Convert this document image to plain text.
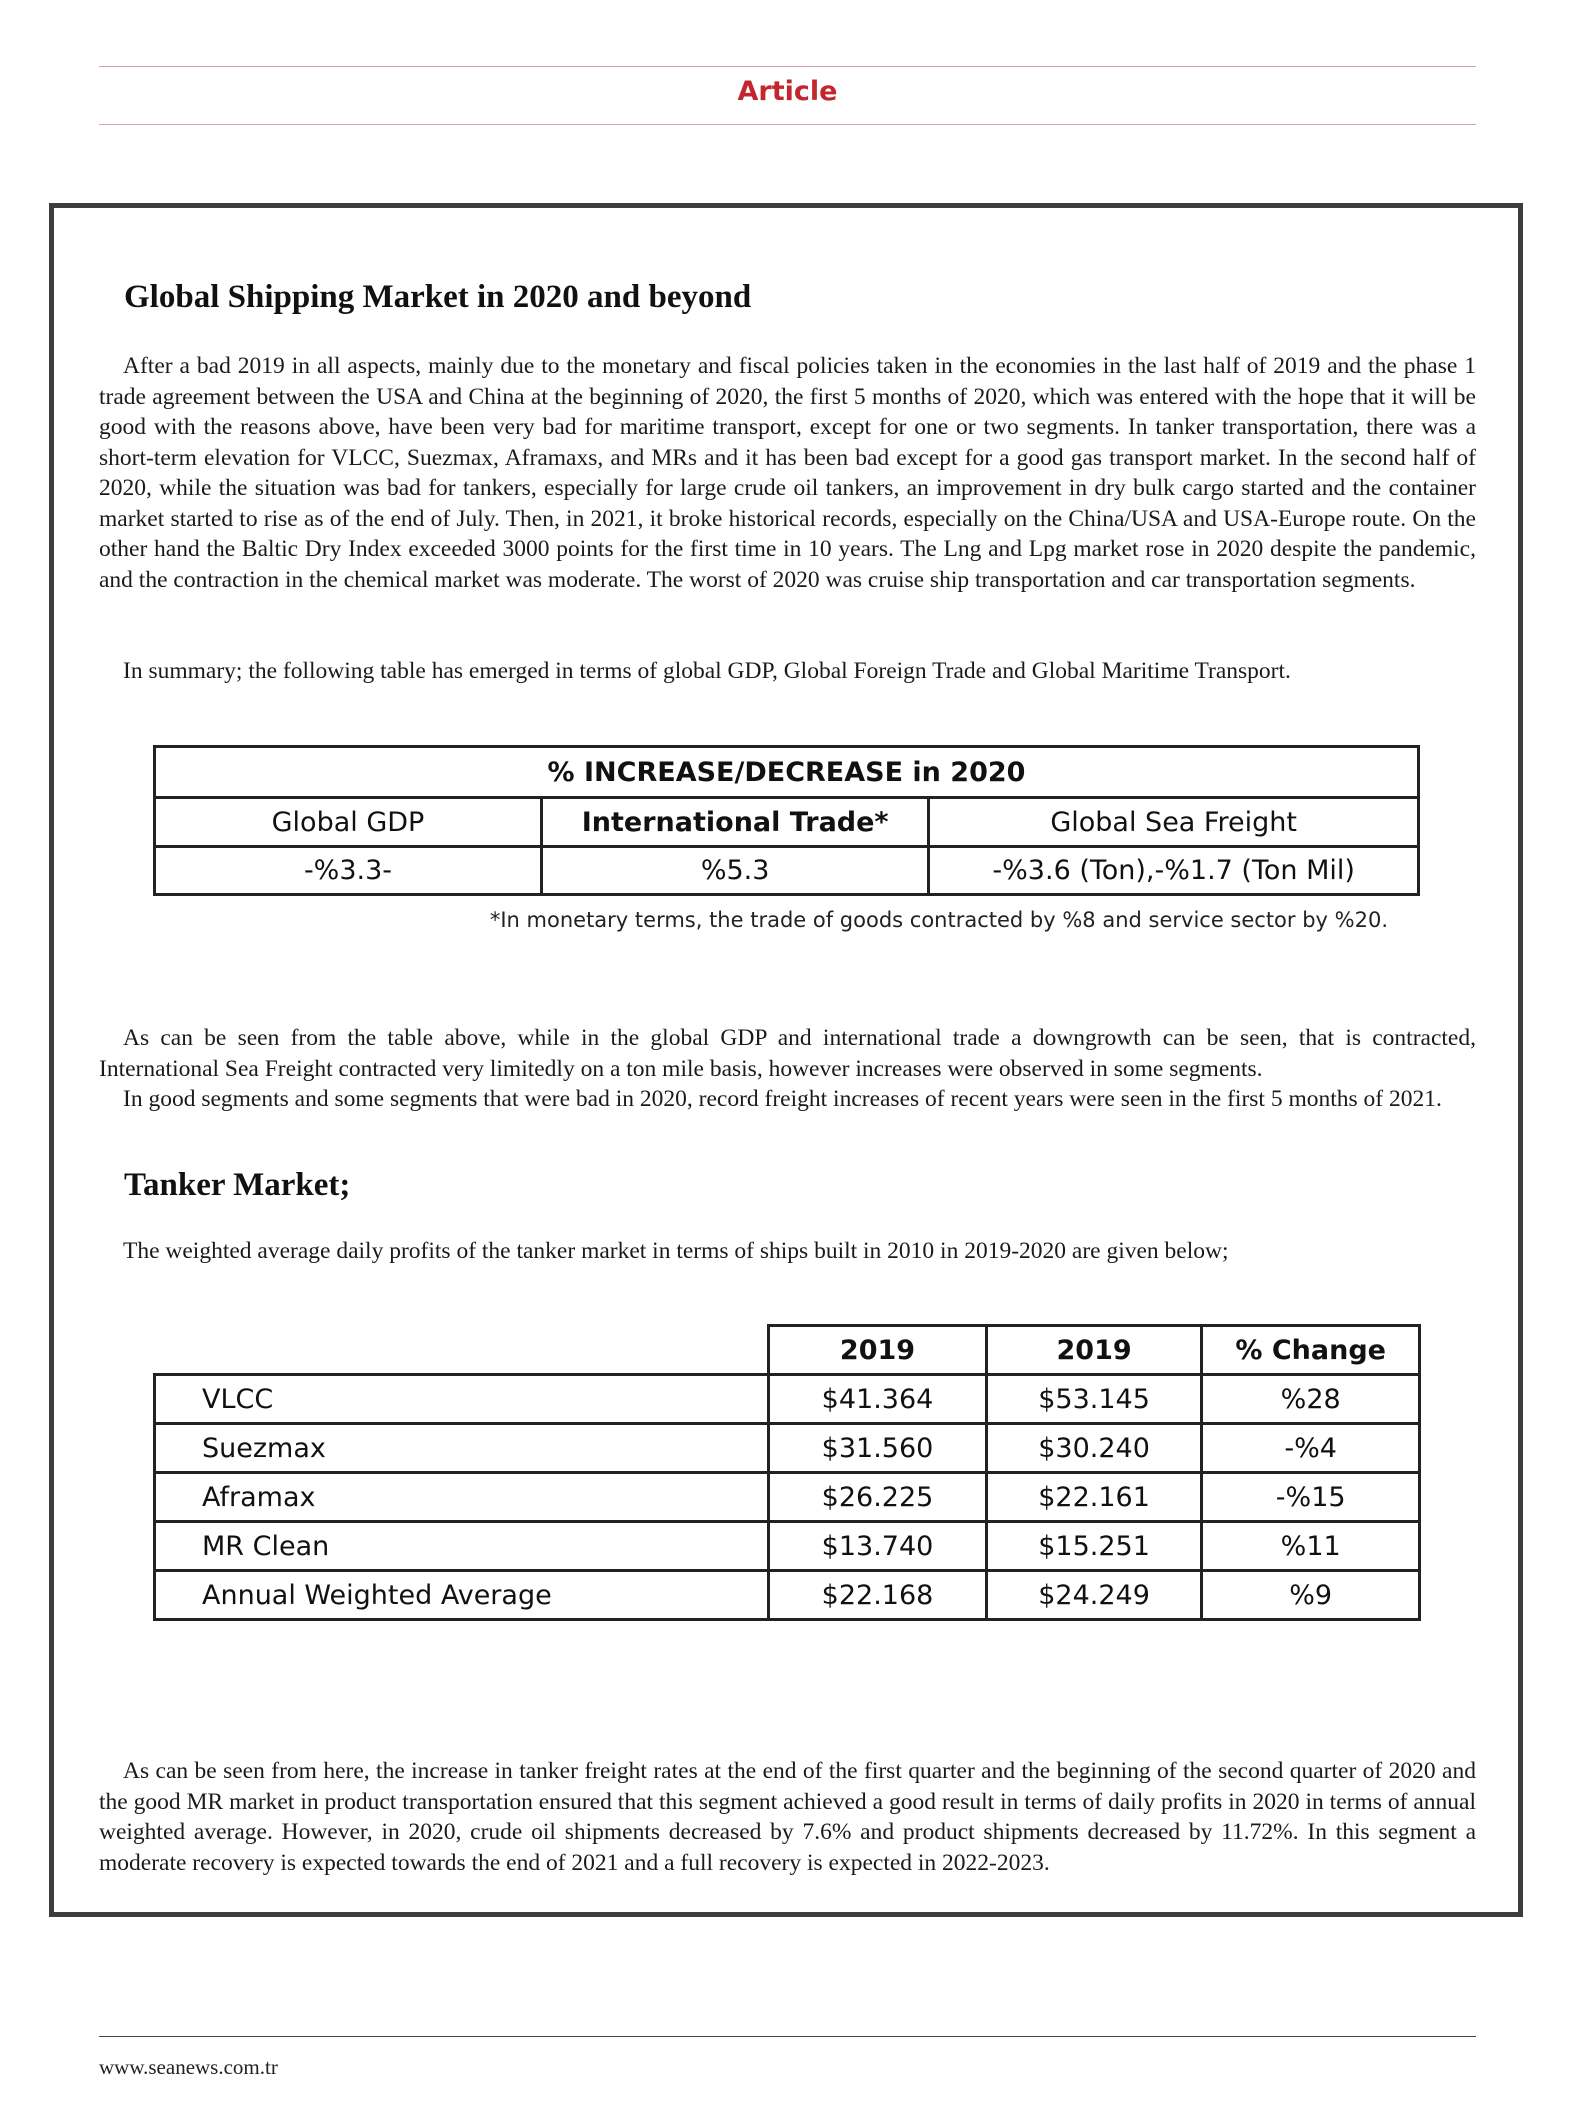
Article
Global Shipping Market in 2020 and beyond

After a bad 2019 in all aspects, mainly due to the monetary and fiscal policies taken in the economies in the last half of 2019 and the phase 1 trade agreement between the USA and China at the beginning of 2020, the first 5 months of 2020, which was entered with the hope that it will be good with the reasons above, have been very bad for maritime transport, except for one or two segments. In tanker transportation, there was a short-term elevation for VLCC, Suezmax, Aframaxs, and MRs and it has been bad except for a good gas transport market. In the second half of 2020, while the situation was bad for tankers, especially for large crude oil tankers, an improvement in dry bulk cargo started and the container market started to rise as of the end of July. Then, in 2021, it broke historical records, especially on the China/USA and USA-Europe route. On the other hand the Baltic Dry Index exceeded 3000 points for the first time in 10 years. The Lng and Lpg market rose in 2020 despite the pandemic, and the contraction in the chemical market was moderate. The worst of 2020 was cruise ship transportation and car transportation segments.

In summary; the following table has emerged in terms of global GDP, Global Foreign Trade and Global Maritime Transport.

% INCREASE/DECREASE in 2020		
Global GDP	International Trade*	Global Sea Freight
-%3.3-	%5.3	-%3.6 (Ton),-%1.7 (Ton Mil)
*In monetary terms, the trade of goods contracted by %8 and service sector by %20.

As can be seen from the table above, while in the global GDP and international trade a downgrowth can be seen, that is contracted, International Sea Freight contracted very limitedly on a ton mile basis, however increases were observed in some segments.
In good segments and some segments that were bad in 2020, record freight increases of recent years were seen in the first 5 months of 2021.

Tanker Market;

The weighted average daily profits of the tanker market in terms of ships built in 2010 in 2019-2020 are given below;

	2019	2019	% Change
VLCC	$41.364	$53.145	%28
Suezmax	$31.560	$30.240	-%4
Aframax	$26.225	$22.161	-%15
MR Clean	$13.740	$15.251	%11
Annual Weighted Average	$22.168	$24.249	%9

As can be seen from here, the increase in tanker freight rates at the end of the first quarter and the beginning of the second quarter of 2020 and the good MR market in product transportation ensured that this segment achieved a good result in terms of daily profits in 2020 in terms of annual weighted average. However, in 2020, crude oil shipments decreased by 7.6% and product shipments decreased by 11.72%. In this segment a moderate recovery is expected towards the end of 2021 and a full recovery is expected in 2022-2023.

www.seanews.com.tr
